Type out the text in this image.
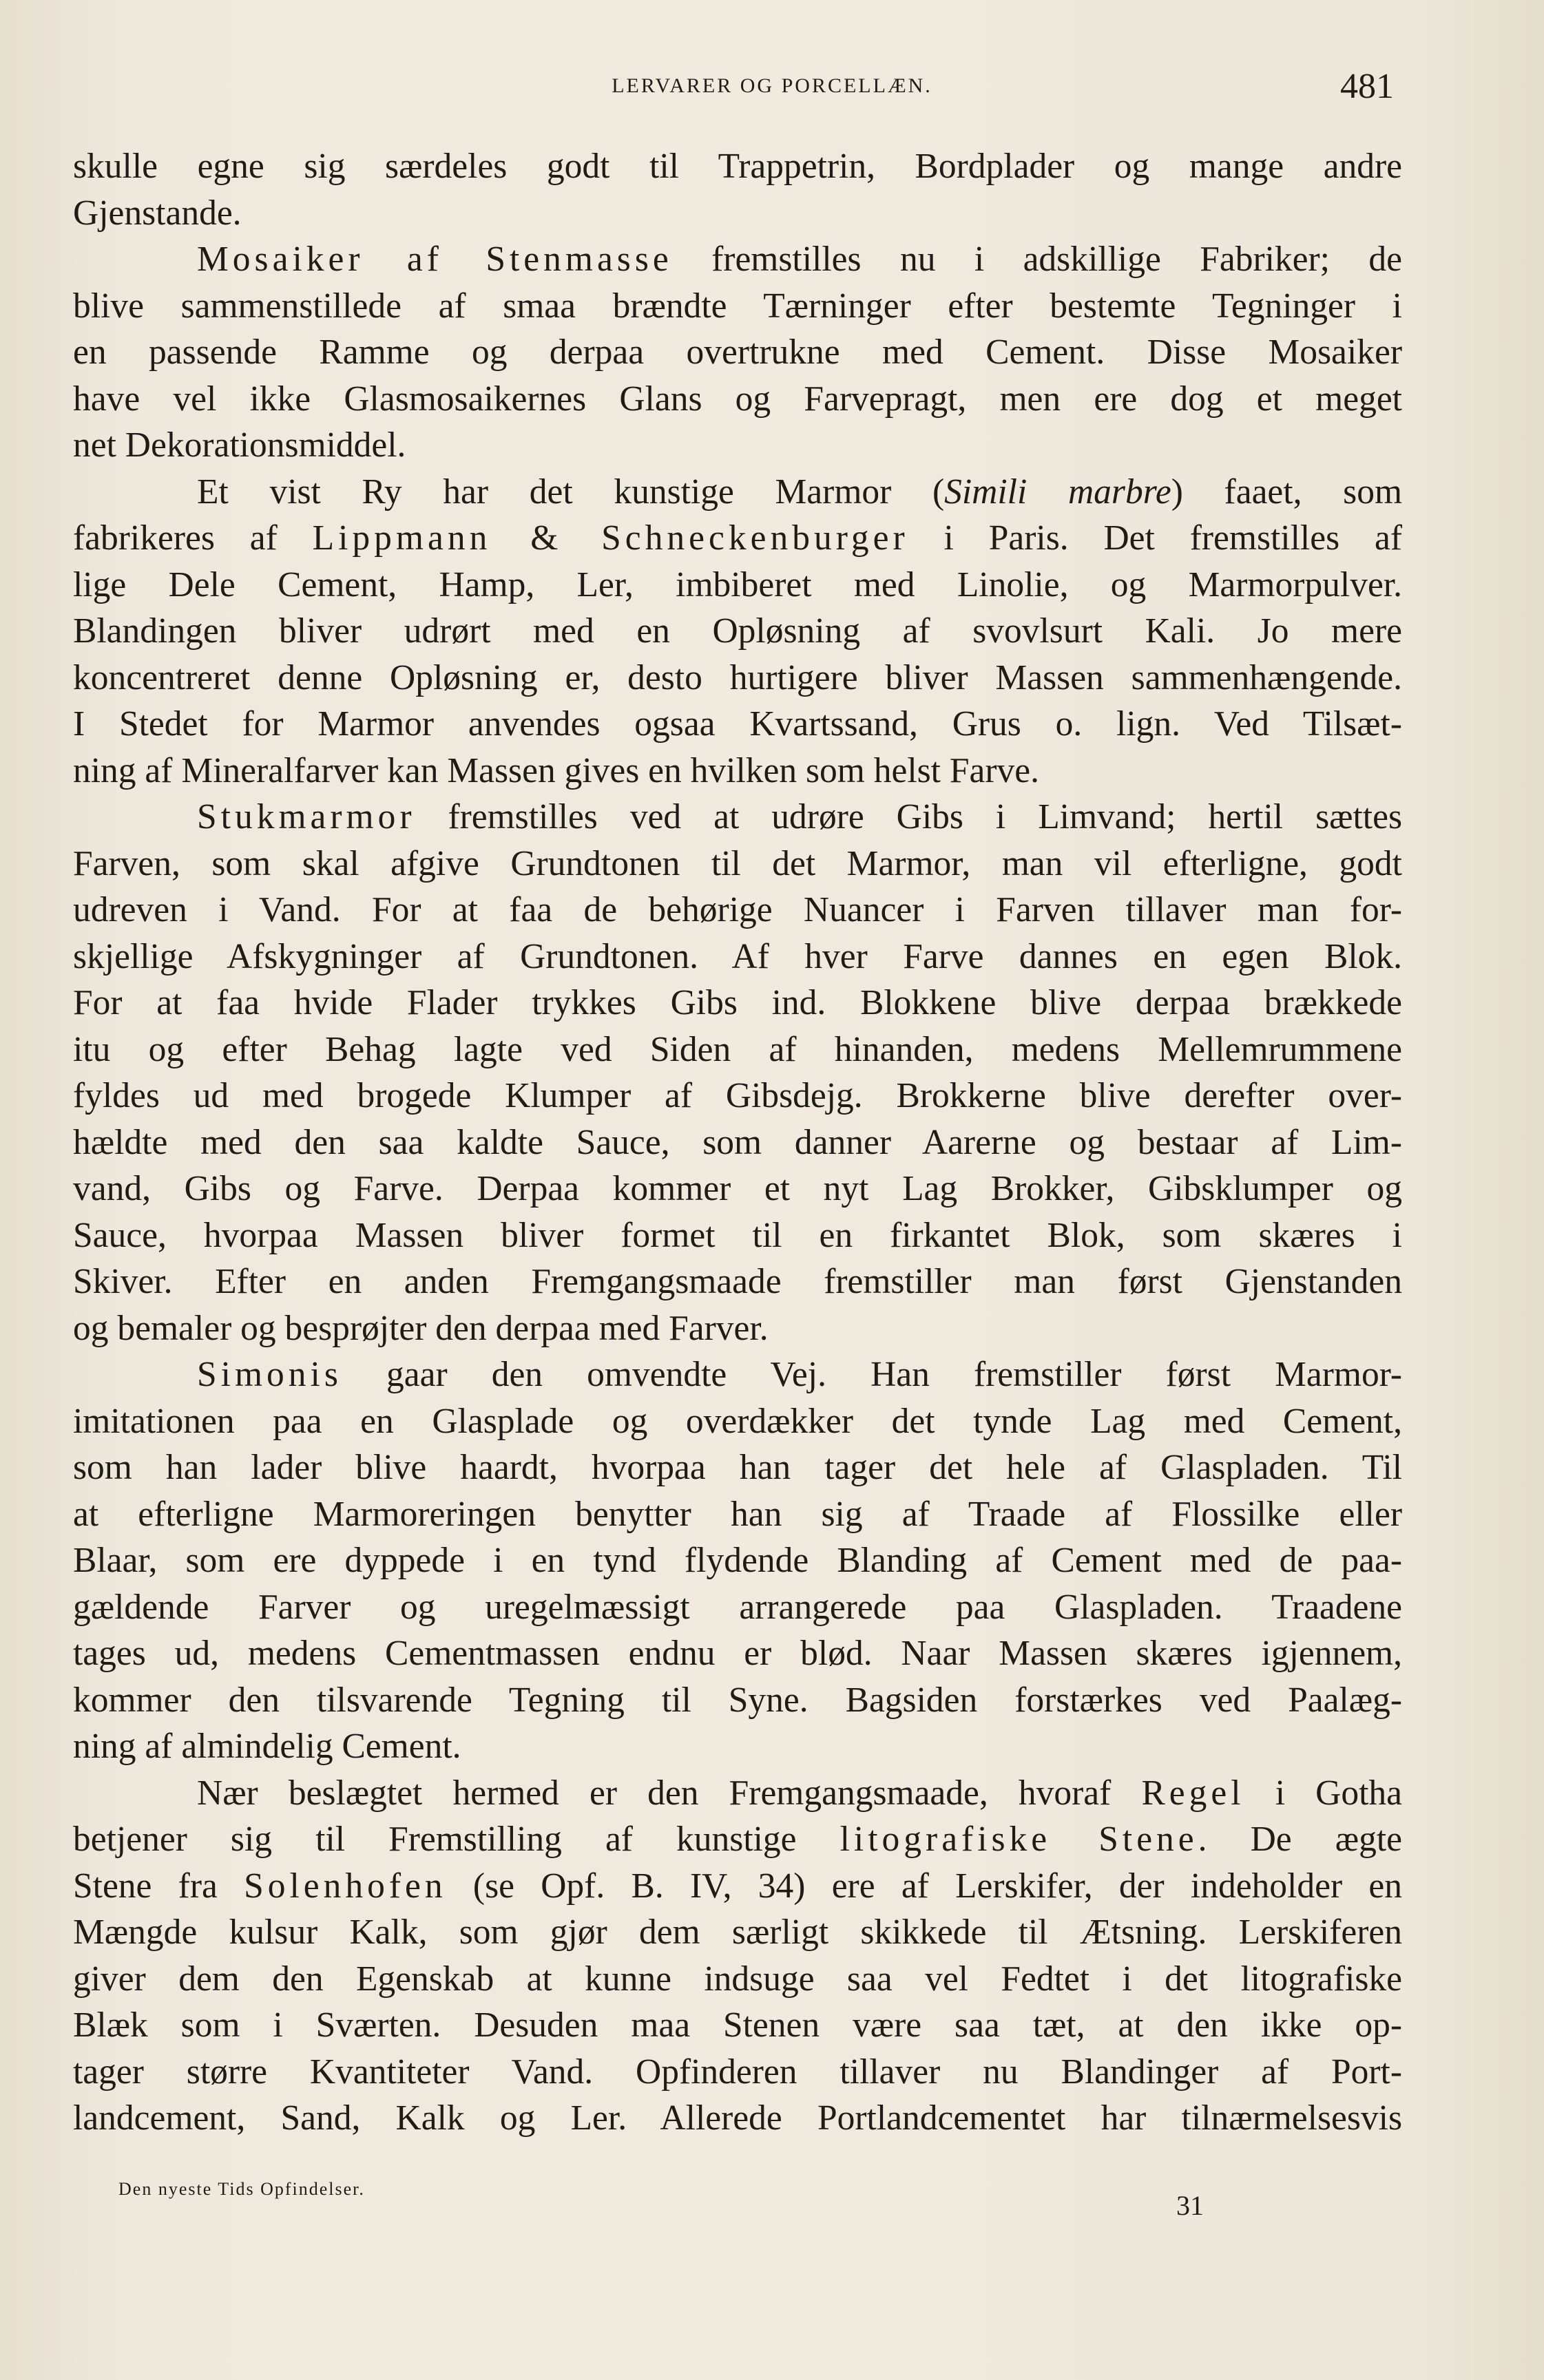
LERVARER OG PORCELLÆN.	481
skulle egne sig særdeles godt til Trappetrin, Bordplader og mange andre
Gjenstande.
Mosaiker af Stenmasse fremstilles nu i adskillige Fabriker; de
blive sammenstillede af smaa brændte Tærninger efter bestemte Tegninger i
en passende Ramme og derpaa overtrukne med Cement. Disse Mosaiker
have vel ikke Glasmosaikernes Glans og Farvepragt, men ere dog et meget
net Dekorationsmiddel.
Et vist Ry har det kunstige Marmor (Simili marbre) faaet, som
fabrikeres af Lippmann & Schneckenburger i Paris. Det fremstilles af
lige Dele Cement, Hamp, Ler, imbiberet med Linolie, og Marmorpulver.
Blandingen bliver udrørt med en Opløsning af svovlsurt Kali. Jo mere
koncentreret denne Opløsning er, desto hurtigere bliver Massen sammenhængende.
I Stedet for Marmor anvendes ogsaa Kvartssand, Grus o. lign. Ved Tilsæt-
ning af Mineralfarver kan Massen gives en hvilken som helst Farve.
Stukmarmor fremstilles ved at udrøre Gibs i Limvand; hertil sættes
Farven, som skal afgive Grundtonen til det Marmor, man vil efterligne, godt
udreven i Vand. For at faa de behørige Nuancer i Farven tillaver man for-
skjellige Afskygninger af Grundtonen. Af hver Farve dannes en egen Blok.
For at faa hvide Flader trykkes Gibs ind. Blokkene blive derpaa brækkede
itu og efter Behag lagte ved Siden af hinanden, medens Mellemrummene
fyldes ud med brogede Klumper af Gibsdejg. Brokkerne blive derefter over-
hældte med den saa kaldte Sauce, som danner Aarerne og bestaar af Lim-
vand, Gibs og Farve. Derpaa kommer et nyt Lag Brokker, Gibsklumper og
Sauce, hvorpaa Massen bliver formet til en firkantet Blok, som skæres i
Skiver. Efter en anden Fremgangsmaade fremstiller man først Gjenstanden
og bemaler og besprøjter den derpaa med Farver.
Simonis gaar den omvendte Vej. Han fremstiller først Marmor-
imitationen paa en Glasplade og overdækker det tynde Lag med Cement,
som han lader blive haardt, hvorpaa han tager det hele af Glaspladen. Til
at efterligne Marmoreringen benytter han sig af Traade af Flossilke eller
Blaar, som ere dyppede i en tynd flydende Blanding af Cement med de paa-
gældende Farver og uregelmæssigt arrangerede paa Glaspladen. Traadene
tages ud, medens Cementmassen endnu er blød. Naar Massen skæres igjennem,
kommer den tilsvarende Tegning til Syne. Bagsiden forstærkes ved Paalæg-
ning af almindelig Cement.
Nær beslægtet hermed er den Fremgangsmaade, hvoraf Regel i Gotha
betjener sig til Fremstilling af kunstige litografiske Stene. De ægte
Stene fra Solenhofen (se Opf. B. IV, 34) ere af Lerskifer, der indeholder en
Mængde kulsur Kalk, som gjør dem særligt skikkede til Ætsning. Lerskiferen
giver dem den Egenskab at kunne indsuge saa vel Fedtet i det litografiske
Blæk som i Sværten. Desuden maa Stenen være saa tæt, at den ikke op-
tager større Kvantiteter Vand. Opfinderen tillaver nu Blandinger af Port-
landcement, Sand, Kalk og Ler. Allerede Portlandcementet har tilnærmelsesvis
Den nyeste Tids Opfindelser.
31
